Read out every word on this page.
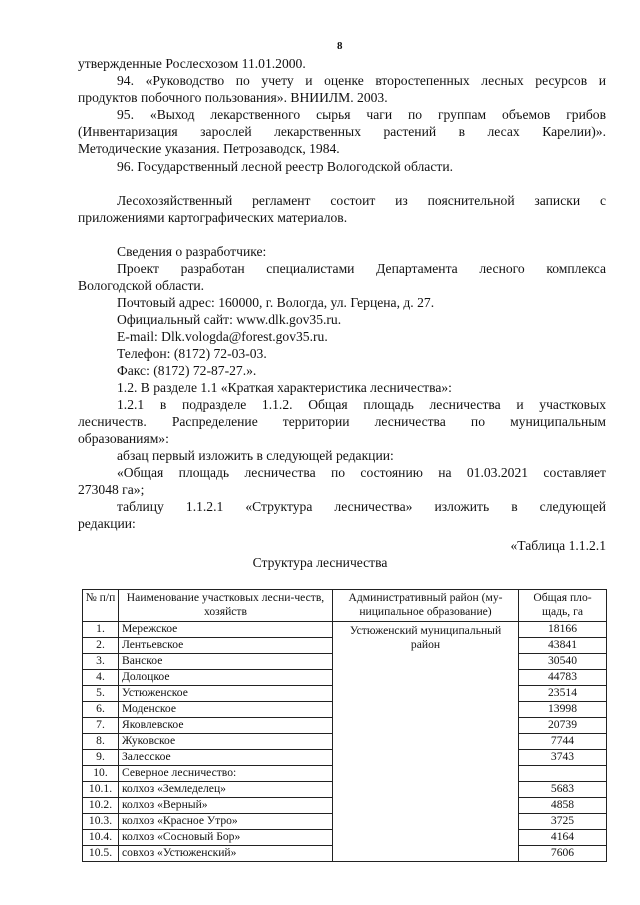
8
утвержденные Рослесхозом 11.01.2000.
94. «Руководство по учету и оценке второстепенных лесных ресурсов и
продуктов побочного пользования». ВНИИЛМ. 2003.
95. «Выход лекарственного сырья чаги по группам объемов грибов
(Инвентаризация зарослей лекарственных растений в лесах Карелии)».
Методические указания. Петрозаводск, 1984.
96. Государственный лесной реестр Вологодской области.
Лесохозяйственный регламент состоит из пояснительной записки с
приложениями картографических материалов.
Сведения о разработчике:
Проект разработан специалистами Департамента лесного комплекса
Вологодской области.
Почтовый адрес: 160000, г. Вологда, ул. Герцена, д. 27.
Официальный сайт: www.dlk.gov35.ru.
E-mail: Dlk.vologda@forest.gov35.ru.
Телефон: (8172) 72-03-03.
Факс: (8172) 72-87-27.».
1.2. В разделе 1.1 «Краткая характеристика лесничества»:
1.2.1 в подразделе 1.1.2. Общая площадь лесничества и участковых
лесничеств. Распределение территории лесничества по муниципальным
образованиям»:
абзац первый изложить в следующей редакции:
«Общая площадь лесничества по состоянию на 01.03.2021 составляет
273048 га»;
таблицу 1.1.2.1 «Структура лесничества» изложить в следующей
редакции:
«Таблица 1.1.2.1
Структура лесничества
№ п/п	Наименование участковых лесни-честв, хозяйств	Административный район (му-ниципальное образование)	Общая пло-щадь, га
1.	Мережское	Устюженский муниципальный район	18166
2.	Лентьевское		43841
3.	Ванское		30540
4.	Долоцкое		44783
5.	Устюженское		23514
6.	Моденское		13998
7.	Яковлевское		20739
8.	Жуковское		7744
9.	Залесское		3743
10.	Северное лесничество:		
10.1.	колхоз «Земледелец»		5683
10.2.	колхоз «Верный»		4858
10.3.	колхоз «Красное Утро»		3725
10.4.	колхоз «Сосновый Бор»		4164
10.5.	совхоз «Устюженский»		7606
